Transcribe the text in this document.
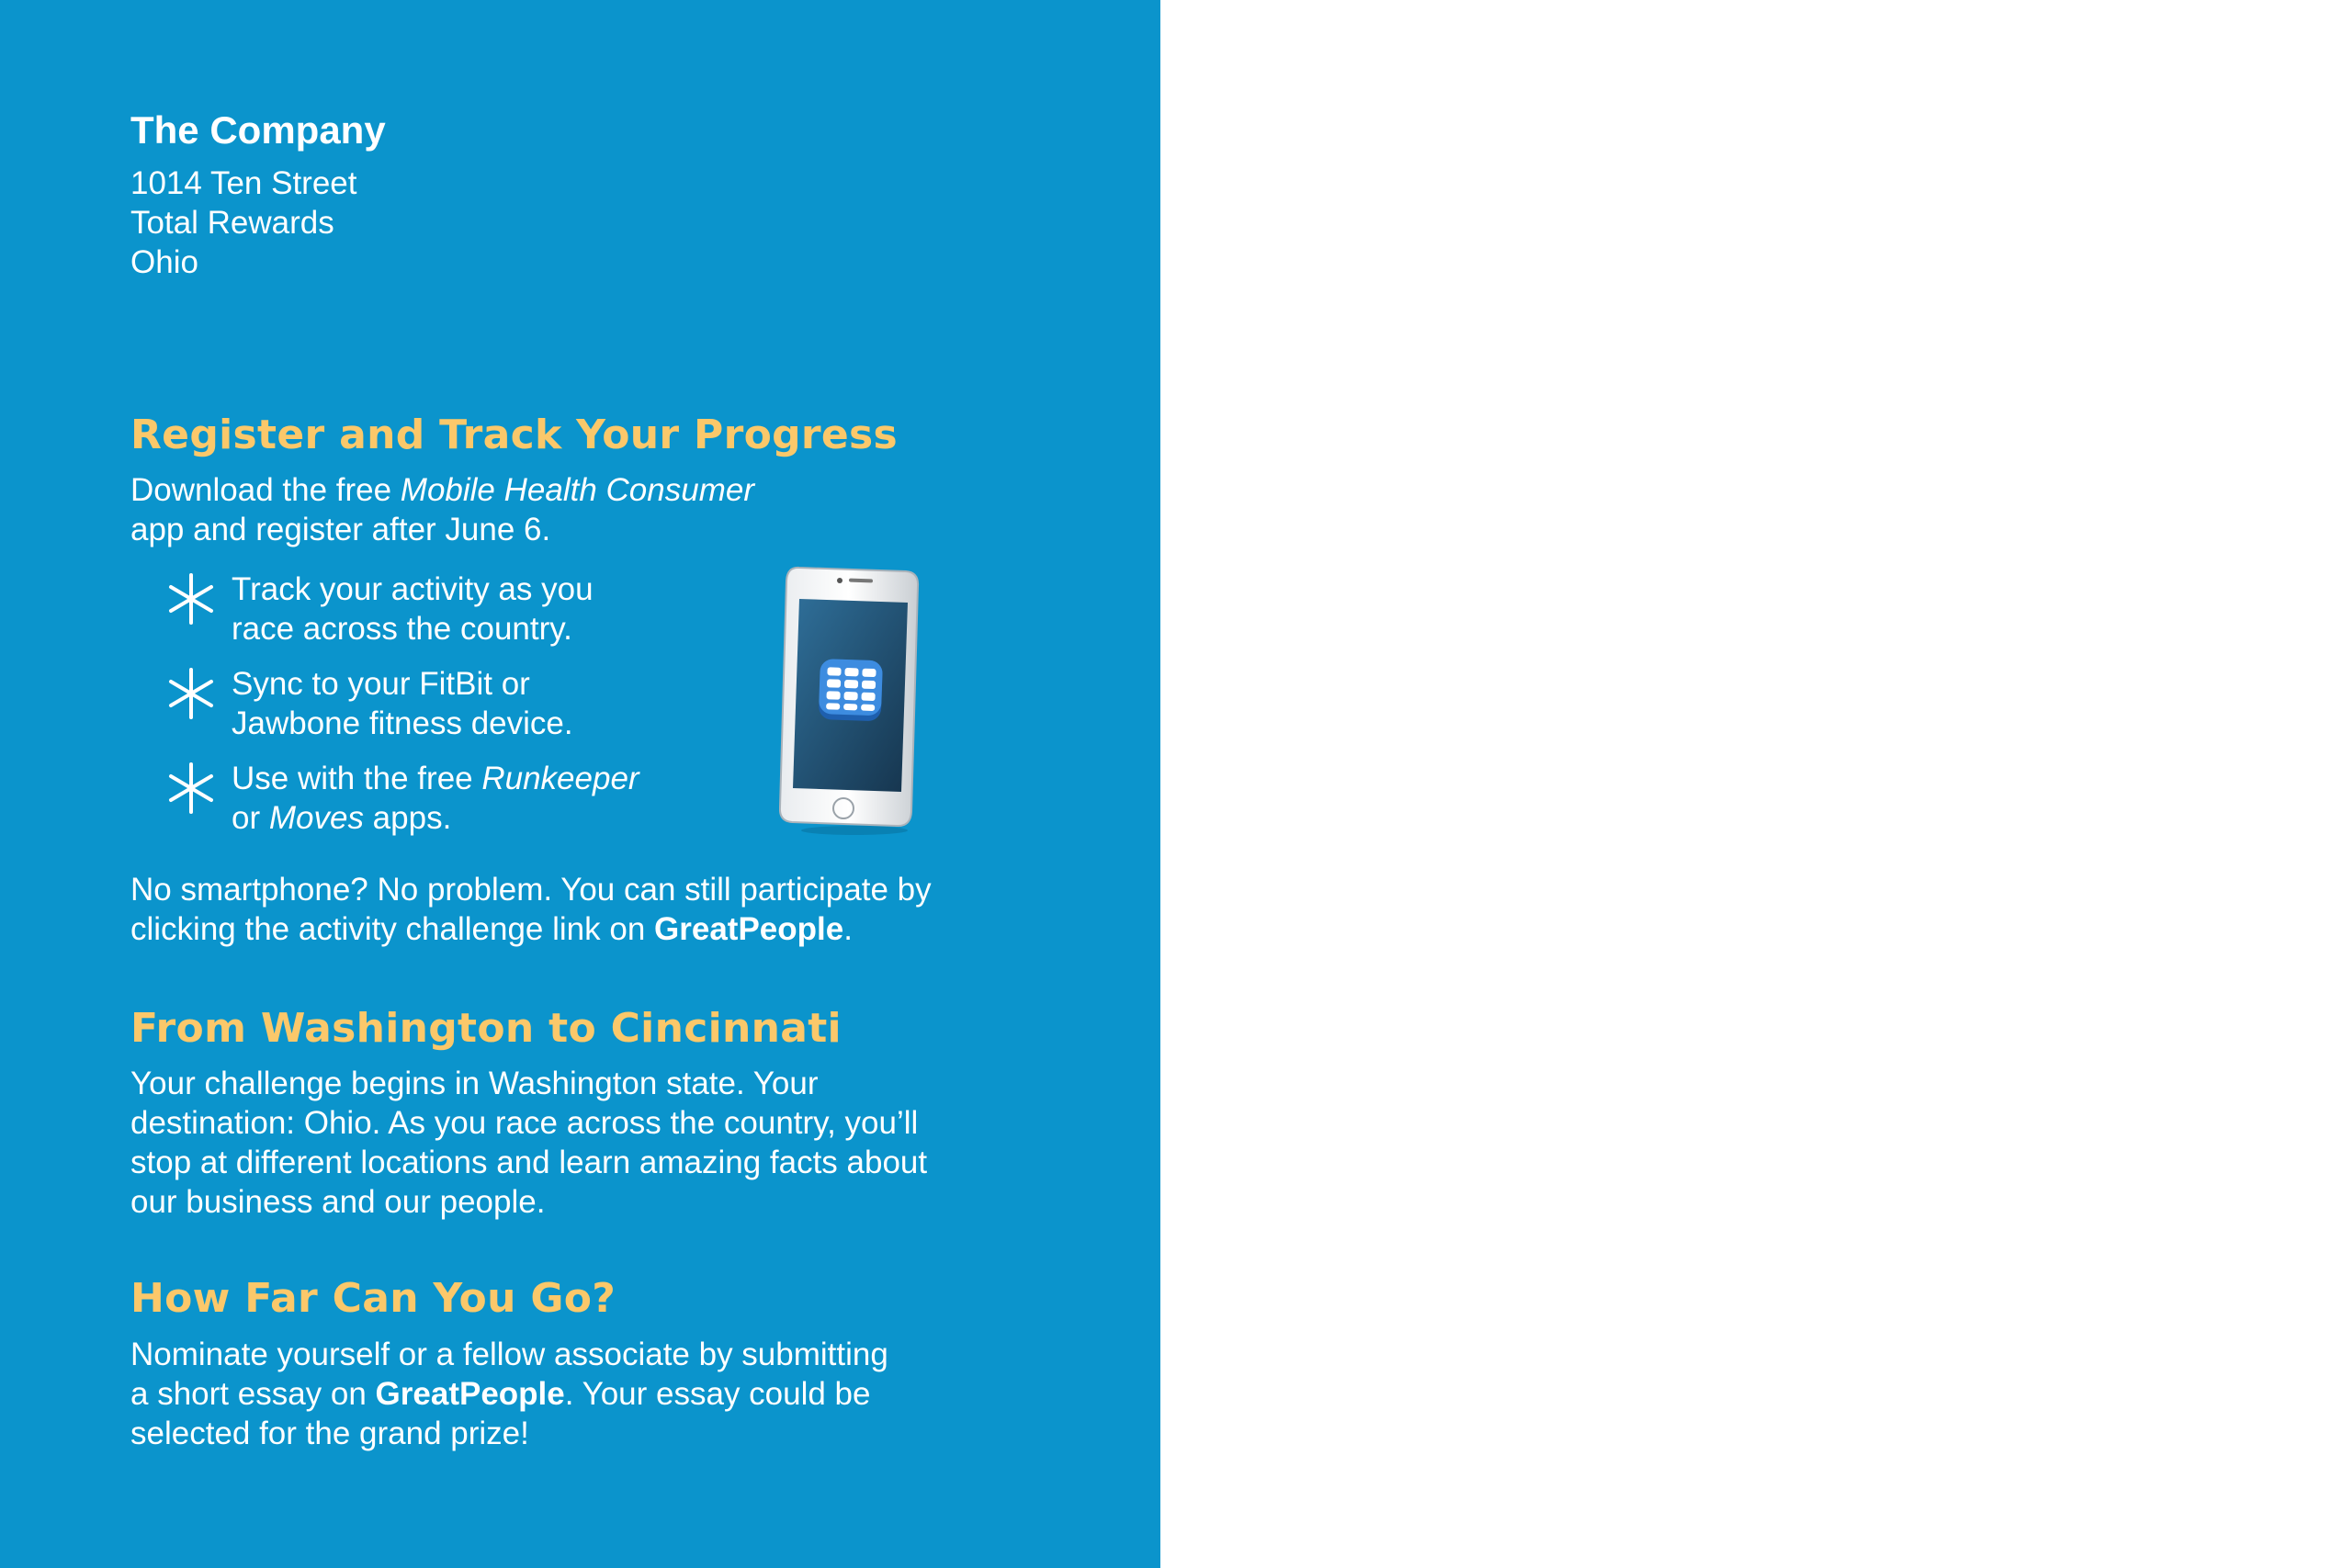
The Company

1014 Ten Street

Total Rewards

Ohio

Register and Track Your Progress

Download the free Mobile Health Consumer
app and register after June 6.

Track your activity as you
race across the country.
Sync to your FitBit or
Jawbone fitness device.
Use with the free Runkeeper
or Moves apps.

No smartphone? No problem. You can still participate by
clicking the activity challenge link on GreatPeople.

From Washington to Cincinnati

Your challenge begins in Washington state. Your
destination: Ohio. As you race across the country, you’ll
stop at different locations and learn amazing facts about
our business and our people.

How Far Can You Go?

Nominate yourself or a fellow associate by submitting
a short essay on GreatPeople. Your essay could be
selected for the grand prize!
